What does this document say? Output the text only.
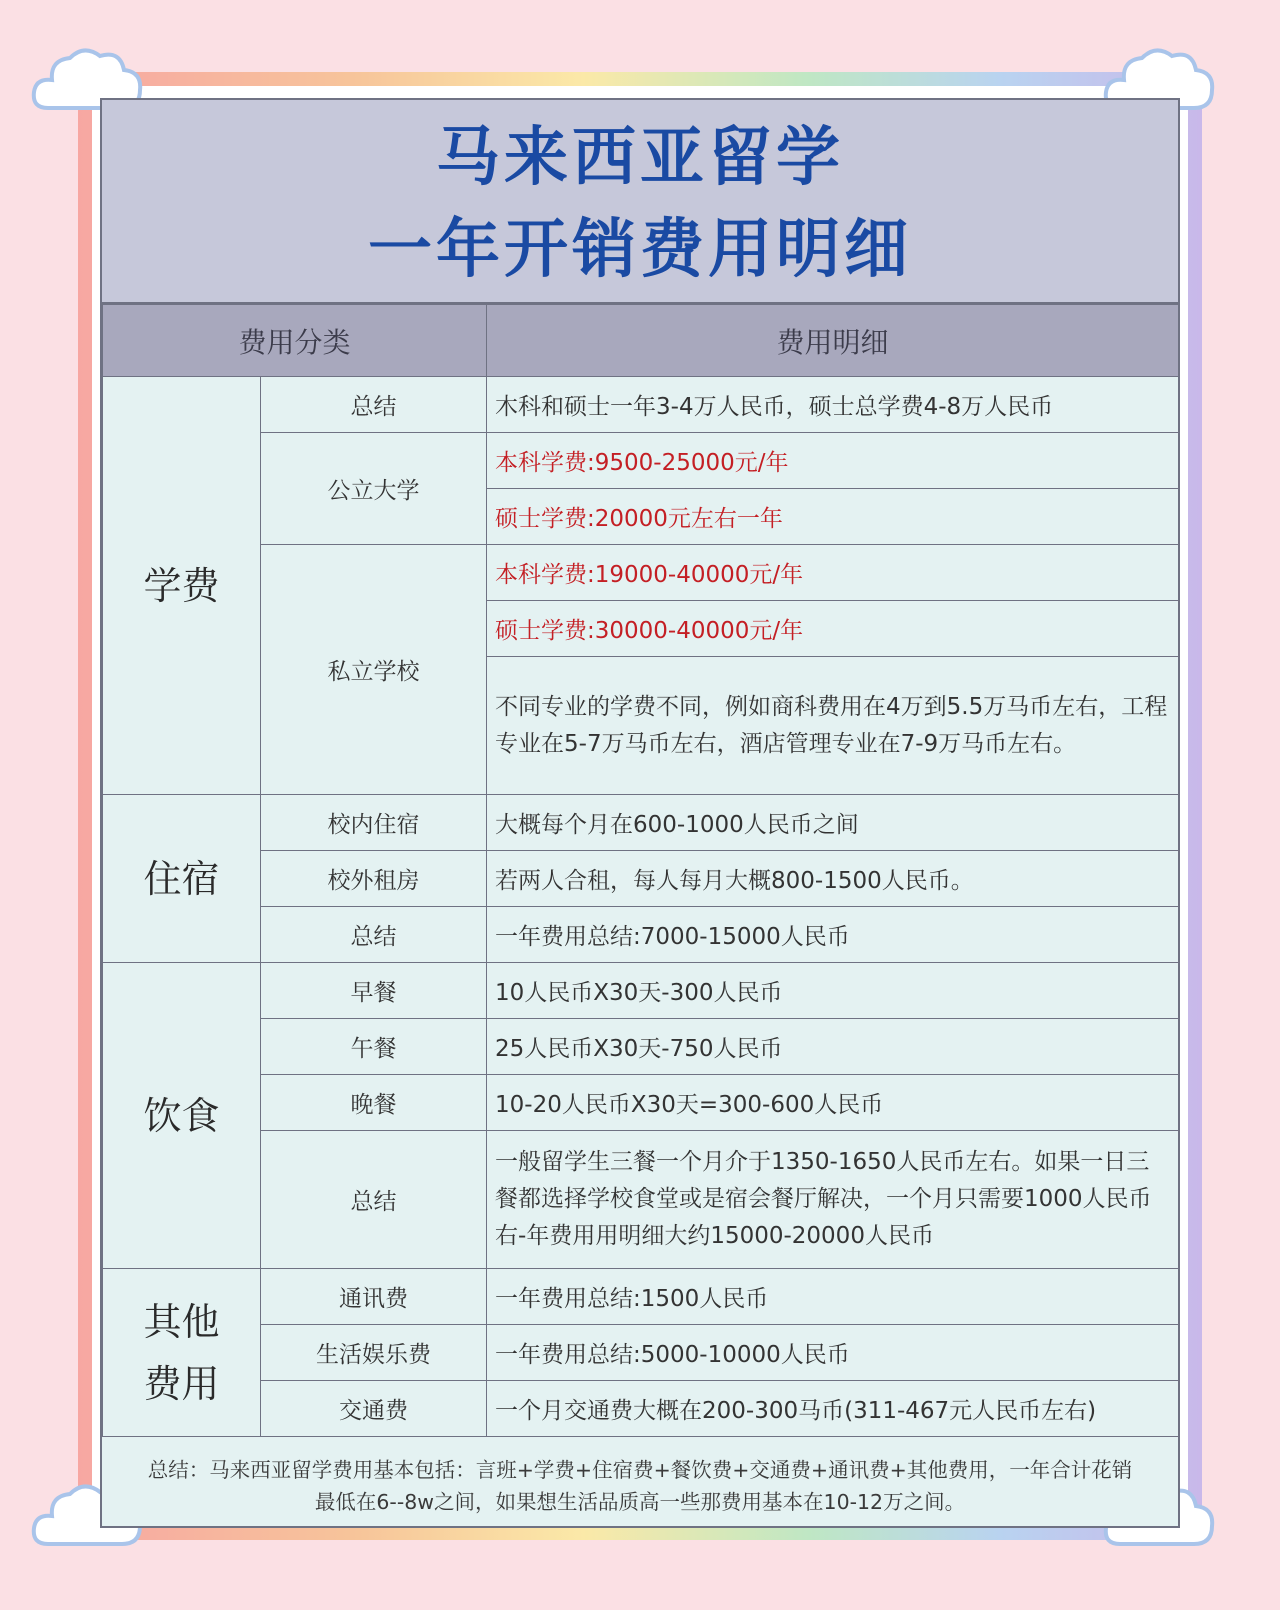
马来西亚留学
一年开销费用明细
费用分类		费用明细
学费	总结	木科和硕士一年3-4万人民币，硕士总学费4-8万人民币
	公立大学	本科学费:9500-25000元/年
		硕士学费:20000元左右一年
	私立学校	本科学费:19000-40000元/年
		硕士学费:30000-40000元/年
		不同专业的学费不同，例如商科费用在4万到5.5万马币左右，工程专业在5-7万马币左右，酒店管理专业在7-9万马币左右。
住宿	校内住宿	大概每个月在600-1000人民币之间
	校外租房	若两人合租，每人每月大概800-1500人民币。
	总结	一年费用总结:7000-15000人民币
饮食	早餐	10人民币X30天-300人民币
	午餐	25人民币X30天-750人民币
	晚餐	10-20人民币X30天=300-600人民币
	总结	一般留学生三餐一个月介于1350-1650人民币左右。如果一日三餐都选择学校食堂或是宿会餐厅解决，一个月只需要1000人民币右-年费用用明细大约15000-20000人民币
其他
费用	通讯费	一年费用总结:1500人民币
	生活娱乐费	一年费用总结:5000-10000人民币
	交通费	一个月交通费大概在200-300马币(311-467元人民币左右)
总结：马来西亚留学费用基本包括：言班+学费+住宿费+餐饮费+交通费+通讯费+其他费用，一年合计花销
最低在6--8w之间，如果想生活品质高一些那费用基本在10-12万之间。
